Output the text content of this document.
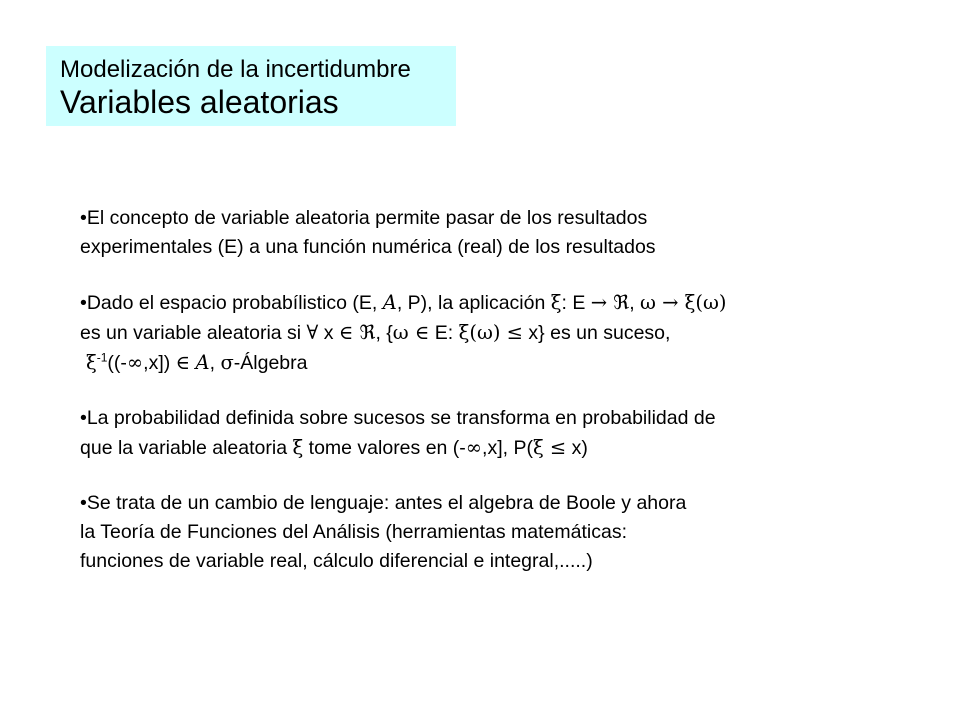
Modelización de la incertidumbre
Variables aleatorias
•El concepto de variable aleatoria permite pasar de los resultados
experimentales (E) a una función numérica (real) de los resultados
•Dado el espacio probabílistico (E, A, P), la aplicación ξ: E → ℜ, ω → ξ(ω)
es un variable aleatoria si ∀ x ∈ ℜ, {ω ∈ E: ξ(ω) ≤ x} es un suceso,
$\xi^{-1}((-\infty,x])$ ∈ A, σ-Álgebra
•La probabilidad definida sobre sucesos se transforma en probabilidad de
que la variable aleatoria ξ tome valores en (-∞,x], P(ξ ≤ x)
•Se trata de un cambio de lenguaje: antes el algebra de Boole y ahora
la Teoría de Funciones del Análisis (herramientas matemáticas:
funciones de variable real, cálculo diferencial e integral,.....)
